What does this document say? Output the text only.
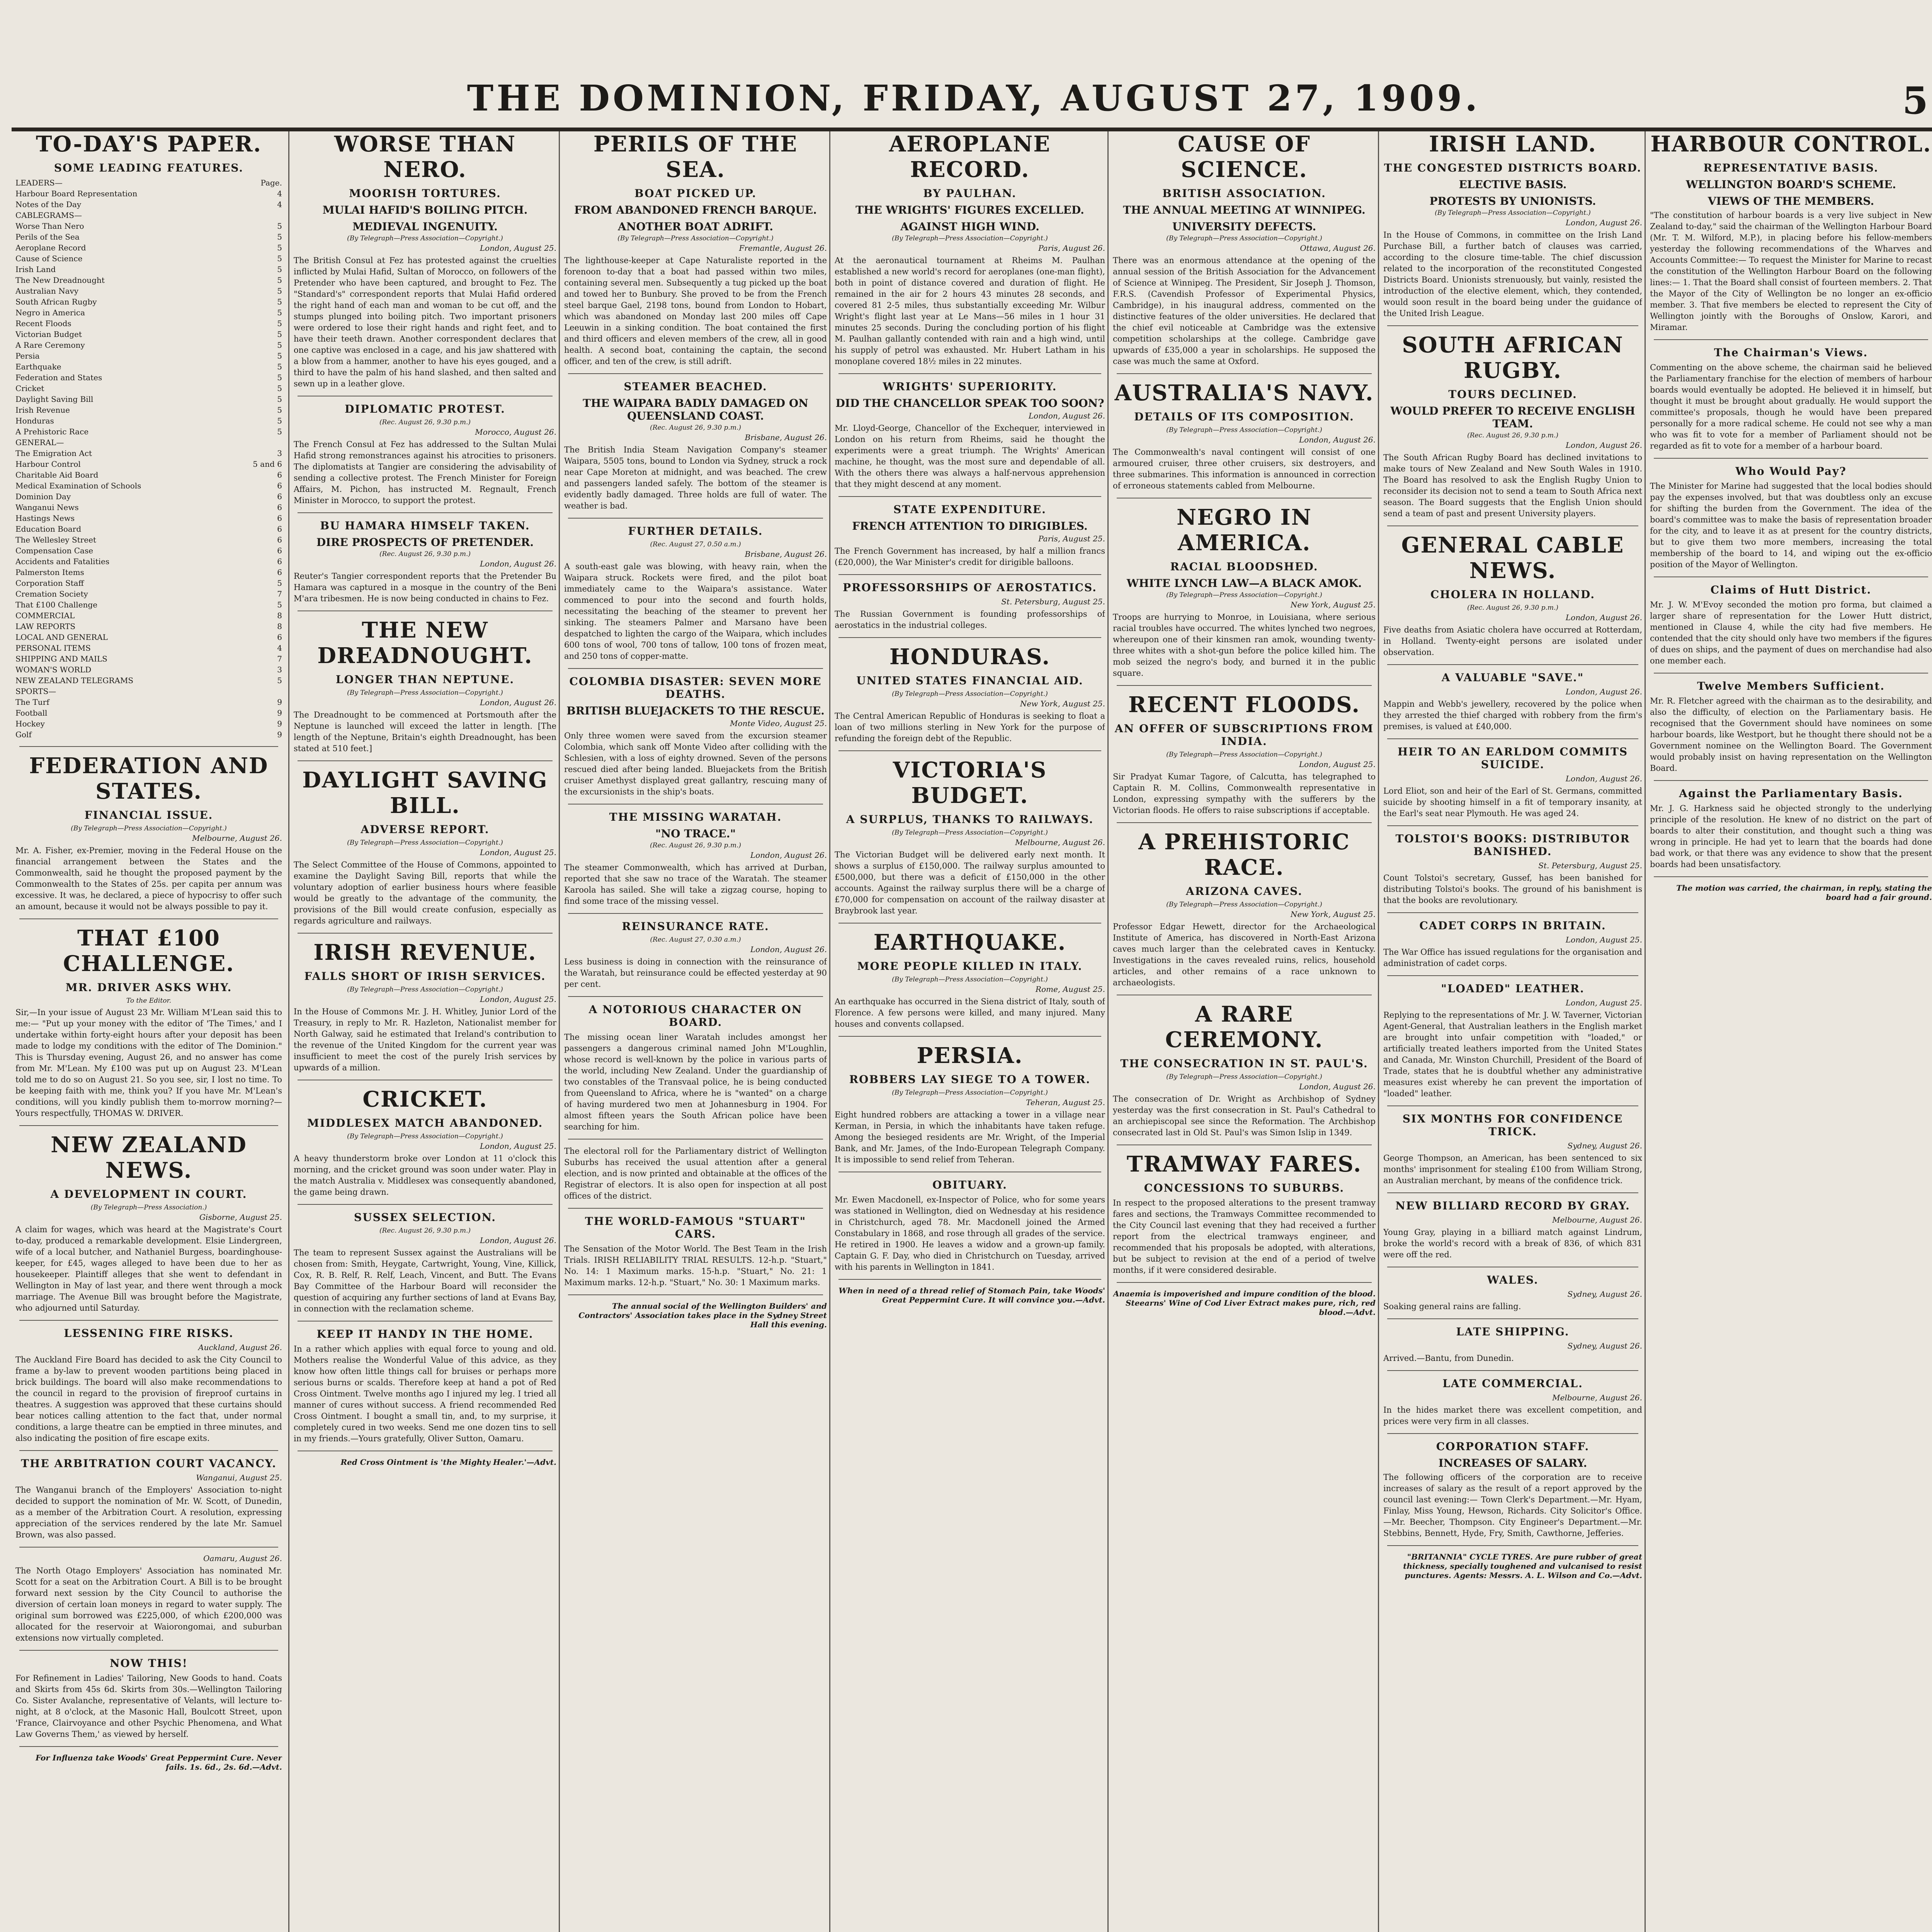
THE DOMINION, FRIDAY, AUGUST 27, 1909.	5
TO-DAY'S PAPER.
SOME LEADING FEATURES.
LEADERS—	Page.
Harbour Board Representation	4
Notes of the Day	4
CABLEGRAMS—
Worse Than Nero	5
Perils of the Sea	5
Aeroplane Record	5
Cause of Science	5
Irish Land	5
The New Dreadnought	5
Australian Navy	5
South African Rugby	5
Negro in America	5
Recent Floods	5
Victorian Budget	5
A Rare Ceremony	5
Persia	5
Earthquake	5
Federation and States	5
Cricket	5
Daylight Saving Bill	5
Irish Revenue	5
Honduras	5
A Prehistoric Race	5
GENERAL—
The Emigration Act	3
Harbour Control	5 and 6
Charitable Aid Board	6
Medical Examination of Schools	6
Dominion Day	6
Wanganui News	6
Hastings News	6
Education Board	6
The Wellesley Street	6
Compensation Case	6
Accidents and Fatalities	6
Palmerston Items	6
Corporation Staff	5
Cremation Society	7
That £100 Challenge	5
COMMERCIAL	8
LAW REPORTS	8
LOCAL AND GENERAL	6
PERSONAL ITEMS	4
SHIPPING AND MAILS	7
WOMAN'S WORLD	3
NEW ZEALAND TELEGRAMS	5
SPORTS—
The Turf	9
Football	9
Hockey	9
Golf	9
FEDERATION AND STATES.
FINANCIAL ISSUE.
(By Telegraph—Press Association—Copyright.)
Melbourne, August 26.
Mr. A. Fisher, ex-Premier, moving in the Federal House on the financial arrangement between the States and the Commonwealth, said he thought the proposed payment by the Commonwealth to the States of 25s. per capita per annum was excessive. It was, he declared, a piece of hypocrisy to offer such an amount, because it would not be always possible to pay it.
THAT £100 CHALLENGE.
MR. DRIVER ASKS WHY.
To the Editor.
Sir,—In your issue of August 23 Mr. William M'Lean said this to me:— "Put up your money with the editor of 'The Times,' and I undertake within forty-eight hours after your deposit has been made to lodge my conditions with the editor of The Dominion." This is Thursday evening, August 26, and no answer has come from Mr. M'Lean. My £100 was put up on August 23. M'Lean told me to do so on August 21. So you see, sir, I lost no time. To be keeping faith with me, think you? If you have Mr. M'Lean's conditions, will you kindly publish them to-morrow morning?—Yours respectfully, THOMAS W. DRIVER.
NEW ZEALAND NEWS.
A DEVELOPMENT IN COURT.
(By Telegraph—Press Association.)
Gisborne, August 25.
A claim for wages, which was heard at the Magistrate's Court to-day, produced a remarkable development. Elsie Lindergreen, wife of a local butcher, and Nathaniel Burgess, boardinghouse-keeper, for £45, wages alleged to have been due to her as housekeeper. Plaintiff alleges that she went to defendant in Wellington in May of last year, and there went through a mock marriage. The Avenue Bill was brought before the Magistrate, who adjourned until Saturday.
LESSENING FIRE RISKS.
Auckland, August 26.
The Auckland Fire Board has decided to ask the City Council to frame a by-law to prevent wooden partitions being placed in brick buildings. The board will also make recommendations to the council in regard to the provision of fireproof curtains in theatres. A suggestion was approved that these curtains should bear notices calling attention to the fact that, under normal conditions, a large theatre can be emptied in three minutes, and also indicating the position of fire escape exits.
THE ARBITRATION COURT VACANCY.
Wanganui, August 25.
The Wanganui branch of the Employers' Association to-night decided to support the nomination of Mr. W. Scott, of Dunedin, as a member of the Arbitration Court. A resolution, expressing appreciation of the services rendered by the late Mr. Samuel Brown, was also passed.
Oamaru, August 26.
The North Otago Employers' Association has nominated Mr. Scott for a seat on the Arbitration Court. A Bill is to be brought forward next session by the City Council to authorise the diversion of certain loan moneys in regard to water supply. The original sum borrowed was £225,000, of which £200,000 was allocated for the reservoir at Waiorongomai, and suburban extensions now virtually completed.
NOW THIS!
For Refinement in Ladies' Tailoring, New Goods to hand. Coats and Skirts from 45s 6d. Skirts from 30s.—Wellington Tailoring Co. Sister Avalanche, representative of Velants, will lecture to-night, at 8 o'clock, at the Masonic Hall, Boulcott Street, upon 'France, Clairvoyance and other Psychic Phenomena, and What Law Governs Them,' as viewed by herself.
For Influenza take Woods' Great Peppermint Cure. Never fails. 1s. 6d., 2s. 6d.—Advt.
WORSE THAN NERO.
MOORISH TORTURES.
MULAI HAFID'S BOILING PITCH.
MEDIEVAL INGENUITY.
(By Telegraph—Press Association—Copyright.)
London, August 25.
The British Consul at Fez has protested against the cruelties inflicted by Mulai Hafid, Sultan of Morocco, on followers of the Pretender who have been captured, and brought to Fez. The "Standard's" correspondent reports that Mulai Hafid ordered the right hand of each man and woman to be cut off, and the stumps plunged into boiling pitch. Two important prisoners were ordered to lose their right hands and right feet, and to have their teeth drawn. Another correspondent declares that one captive was enclosed in a cage, and his jaw shattered with a blow from a hammer, another to have his eyes gouged, and a third to have the palm of his hand slashed, and then salted and sewn up in a leather glove.
DIPLOMATIC PROTEST.
(Rec. August 26, 9.30 p.m.)
Morocco, August 26.
The French Consul at Fez has addressed to the Sultan Mulai Hafid strong remonstrances against his atrocities to prisoners. The diplomatists at Tangier are considering the advisability of sending a collective protest. The French Minister for Foreign Affairs, M. Pichon, has instructed M. Regnault, French Minister in Morocco, to support the protest.
BU HAMARA HIMSELF TAKEN.
DIRE PROSPECTS OF PRETENDER.
(Rec. August 26, 9.30 p.m.)
London, August 26.
Reuter's Tangier correspondent reports that the Pretender Bu Hamara was captured in a mosque in the country of the Beni M'ara tribesmen. He is now being conducted in chains to Fez.
THE NEW DREADNOUGHT.
LONGER THAN NEPTUNE.
(By Telegraph—Press Association—Copyright.)
London, August 26.
The Dreadnought to be commenced at Portsmouth after the Neptune is launched will exceed the latter in length. [The length of the Neptune, Britain's eighth Dreadnought, has been stated at 510 feet.]
DAYLIGHT SAVING BILL.
ADVERSE REPORT.
(By Telegraph—Press Association—Copyright.)
London, August 25.
The Select Committee of the House of Commons, appointed to examine the Daylight Saving Bill, reports that while the voluntary adoption of earlier business hours where feasible would be greatly to the advantage of the community, the provisions of the Bill would create confusion, especially as regards agriculture and railways.
IRISH REVENUE.
FALLS SHORT OF IRISH SERVICES.
(By Telegraph—Press Association—Copyright.)
London, August 25.
In the House of Commons Mr. J. H. Whitley, Junior Lord of the Treasury, in reply to Mr. R. Hazleton, Nationalist member for North Galway, said he estimated that Ireland's contribution to the revenue of the United Kingdom for the current year was insufficient to meet the cost of the purely Irish services by upwards of a million.
CRICKET.
MIDDLESEX MATCH ABANDONED.
(By Telegraph—Press Association—Copyright.)
London, August 25.
A heavy thunderstorm broke over London at 11 o'clock this morning, and the cricket ground was soon under water. Play in the match Australia v. Middlesex was consequently abandoned, the game being drawn.
SUSSEX SELECTION.
(Rec. August 26, 9.30 p.m.)
London, August 26.
The team to represent Sussex against the Australians will be chosen from: Smith, Heygate, Cartwright, Young, Vine, Killick, Cox, R. B. Relf, R. Relf, Leach, Vincent, and Butt. The Evans Bay Committee of the Harbour Board will reconsider the question of acquiring any further sections of land at Evans Bay, in connection with the reclamation scheme.
KEEP IT HANDY IN THE HOME.
In a rather which applies with equal force to young and old. Mothers realise the Wonderful Value of this advice, as they know how often little things call for bruises or perhaps more serious burns or scalds. Therefore keep at hand a pot of Red Cross Ointment. Twelve months ago I injured my leg. I tried all manner of cures without success. A friend recommended Red Cross Ointment. I bought a small tin, and, to my surprise, it completely cured in two weeks. Send me one dozen tins to sell in my friends.—Yours gratefully, Oliver Sutton, Oamaru.
Red Cross Ointment is 'the Mighty Healer.'—Advt.
PERILS OF THE SEA.
BOAT PICKED UP.
FROM ABANDONED FRENCH BARQUE.
ANOTHER BOAT ADRIFT.
(By Telegraph—Press Association—Copyright.)
Fremantle, August 26.
The lighthouse-keeper at Cape Naturaliste reported in the forenoon to-day that a boat had passed within two miles, containing several men. Subsequently a tug picked up the boat and towed her to Bunbury. She proved to be from the French steel barque Gael, 2198 tons, bound from London to Hobart, which was abandoned on Monday last 200 miles off Cape Leeuwin in a sinking condition. The boat contained the first and third officers and eleven members of the crew, all in good health. A second boat, containing the captain, the second officer, and ten of the crew, is still adrift.
STEAMER BEACHED.
THE WAIPARA BADLY DAMAGED ON QUEENSLAND COAST.
(Rec. August 26, 9.30 p.m.)
Brisbane, August 26.
The British India Steam Navigation Company's steamer Waipara, 5505 tons, bound to London via Sydney, struck a rock near Cape Moreton at midnight, and was beached. The crew and passengers landed safely. The bottom of the steamer is evidently badly damaged. Three holds are full of water. The weather is bad.
FURTHER DETAILS.
(Rec. August 27, 0.50 a.m.)
Brisbane, August 26.
A south-east gale was blowing, with heavy rain, when the Waipara struck. Rockets were fired, and the pilot boat immediately came to the Waipara's assistance. Water commenced to pour into the second and fourth holds, necessitating the beaching of the steamer to prevent her sinking. The steamers Palmer and Marsano have been despatched to lighten the cargo of the Waipara, which includes 600 tons of wool, 700 tons of tallow, 100 tons of frozen meat, and 250 tons of copper-matte.
COLOMBIA DISASTER: SEVEN MORE DEATHS.
BRITISH BLUEJACKETS TO THE RESCUE.
Monte Video, August 25.
Only three women were saved from the excursion steamer Colombia, which sank off Monte Video after colliding with the Schlesien, with a loss of eighty drowned. Seven of the persons rescued died after being landed. Bluejackets from the British cruiser Amethyst displayed great gallantry, rescuing many of the excursionists in the ship's boats.
THE MISSING WARATAH.
"NO TRACE."
(Rec. August 26, 9.30 p.m.)
London, August 26.
The steamer Commonwealth, which has arrived at Durban, reported that she saw no trace of the Waratah. The steamer Karoola has sailed. She will take a zigzag course, hoping to find some trace of the missing vessel.
REINSURANCE RATE.
(Rec. August 27, 0.30 a.m.)
London, August 26.
Less business is doing in connection with the reinsurance of the Waratah, but reinsurance could be effected yesterday at 90 per cent.
A NOTORIOUS CHARACTER ON BOARD.
The missing ocean liner Waratah includes amongst her passengers a dangerous criminal named John M'Loughlin, whose record is well-known by the police in various parts of the world, including New Zealand. Under the guardianship of two constables of the Transvaal police, he is being conducted from Queensland to Africa, where he is "wanted" on a charge of having murdered two men at Johannesburg in 1904. For almost fifteen years the South African police have been searching for him.
The electoral roll for the Parliamentary district of Wellington Suburbs has received the usual attention after a general election, and is now printed and obtainable at the offices of the Registrar of electors. It is also open for inspection at all post offices of the district.
THE WORLD-FAMOUS "STUART" CARS.
The Sensation of the Motor World. The Best Team in the Irish Trials. IRISH RELIABILITY TRIAL RESULTS. 12-h.p. "Stuart," No. 14: 1 Maximum marks. 15-h.p. "Stuart," No. 21: 1 Maximum marks. 12-h.p. "Stuart," No. 30: 1 Maximum marks.
The annual social of the Wellington Builders' and Contractors' Association takes place in the Sydney Street Hall this evening.
AEROPLANE RECORD.
BY PAULHAN.
THE WRIGHTS' FIGURES EXCELLED.
AGAINST HIGH WIND.
(By Telegraph—Press Association—Copyright.)
Paris, August 26.
At the aeronautical tournament at Rheims M. Paulhan established a new world's record for aeroplanes (one-man flight), both in point of distance covered and duration of flight. He remained in the air for 2 hours 43 minutes 28 seconds, and covered 81 2-5 miles, thus substantially exceeding Mr. Wilbur Wright's flight last year at Le Mans—56 miles in 1 hour 31 minutes 25 seconds. During the concluding portion of his flight M. Paulhan gallantly contended with rain and a high wind, until his supply of petrol was exhausted. Mr. Hubert Latham in his monoplane covered 18½ miles in 22 minutes.
WRIGHTS' SUPERIORITY.
DID THE CHANCELLOR SPEAK TOO SOON?
London, August 26.
Mr. Lloyd-George, Chancellor of the Exchequer, interviewed in London on his return from Rheims, said he thought the experiments were a great triumph. The Wrights' American machine, he thought, was the most sure and dependable of all. With the others there was always a half-nervous apprehension that they might descend at any moment.
STATE EXPENDITURE.
FRENCH ATTENTION TO DIRIGIBLES.
Paris, August 25.
The French Government has increased, by half a million francs (£20,000), the War Minister's credit for dirigible balloons.
PROFESSORSHIPS OF AEROSTATICS.
St. Petersburg, August 25.
The Russian Government is founding professorships of aerostatics in the industrial colleges.
HONDURAS.
UNITED STATES FINANCIAL AID.
(By Telegraph—Press Association—Copyright.)
New York, August 25.
The Central American Republic of Honduras is seeking to float a loan of two millions sterling in New York for the purpose of refunding the foreign debt of the Republic.
VICTORIA'S BUDGET.
A SURPLUS, THANKS TO RAILWAYS.
(By Telegraph—Press Association—Copyright.)
Melbourne, August 26.
The Victorian Budget will be delivered early next month. It shows a surplus of £150,000. The railway surplus amounted to £500,000, but there was a deficit of £150,000 in the other accounts. Against the railway surplus there will be a charge of £70,000 for compensation on account of the railway disaster at Braybrook last year.
EARTHQUAKE.
MORE PEOPLE KILLED IN ITALY.
(By Telegraph—Press Association—Copyright.)
Rome, August 25.
An earthquake has occurred in the Siena district of Italy, south of Florence. A few persons were killed, and many injured. Many houses and convents collapsed.
PERSIA.
ROBBERS LAY SIEGE TO A TOWER.
(By Telegraph—Press Association—Copyright.)
Teheran, August 25.
Eight hundred robbers are attacking a tower in a village near Kerman, in Persia, in which the inhabitants have taken refuge. Among the besieged residents are Mr. Wright, of the Imperial Bank, and Mr. James, of the Indo-European Telegraph Company. It is impossible to send relief from Teheran.
OBITUARY.
Mr. Ewen Macdonell, ex-Inspector of Police, who for some years was stationed in Wellington, died on Wednesday at his residence in Christchurch, aged 78. Mr. Macdonell joined the Armed Constabulary in 1868, and rose through all grades of the service. He retired in 1900. He leaves a widow and a grown-up family. Captain G. F. Day, who died in Christchurch on Tuesday, arrived with his parents in Wellington in 1841.
When in need of a thread relief of Stomach Pain, take Woods' Great Peppermint Cure. It will convince you.—Advt.
CAUSE OF SCIENCE.
BRITISH ASSOCIATION.
THE ANNUAL MEETING AT WINNIPEG.
UNIVERSITY DEFECTS.
(By Telegraph—Press Association—Copyright.)
Ottawa, August 26.
There was an enormous attendance at the opening of the annual session of the British Association for the Advancement of Science at Winnipeg. The President, Sir Joseph J. Thomson, F.R.S. (Cavendish Professor of Experimental Physics, Cambridge), in his inaugural address, commented on the distinctive features of the older universities. He declared that the chief evil noticeable at Cambridge was the extensive competition scholarships at the college. Cambridge gave upwards of £35,000 a year in scholarships. He supposed the case was much the same at Oxford.
AUSTRALIA'S NAVY.
DETAILS OF ITS COMPOSITION.
(By Telegraph—Press Association—Copyright.)
London, August 26.
The Commonwealth's naval contingent will consist of one armoured cruiser, three other cruisers, six destroyers, and three submarines. This information is announced in correction of erroneous statements cabled from Melbourne.
NEGRO IN AMERICA.
RACIAL BLOODSHED.
WHITE LYNCH LAW—A BLACK AMOK.
(By Telegraph—Press Association—Copyright.)
New York, August 25.
Troops are hurrying to Monroe, in Louisiana, where serious racial troubles have occurred. The whites lynched two negroes, whereupon one of their kinsmen ran amok, wounding twenty-three whites with a shot-gun before the police killed him. The mob seized the negro's body, and burned it in the public square.
RECENT FLOODS.
AN OFFER OF SUBSCRIPTIONS FROM INDIA.
(By Telegraph—Press Association—Copyright.)
London, August 25.
Sir Pradyat Kumar Tagore, of Calcutta, has telegraphed to Captain R. M. Collins, Commonwealth representative in London, expressing sympathy with the sufferers by the Victorian floods. He offers to raise subscriptions if acceptable.
A PREHISTORIC RACE.
ARIZONA CAVES.
(By Telegraph—Press Association—Copyright.)
New York, August 25.
Professor Edgar Hewett, director for the Archaeological Institute of America, has discovered in North-East Arizona caves much larger than the celebrated caves in Kentucky. Investigations in the caves revealed ruins, relics, household articles, and other remains of a race unknown to archaeologists.
A RARE CEREMONY.
THE CONSECRATION IN ST. PAUL'S.
(By Telegraph—Press Association—Copyright.)
London, August 26.
The consecration of Dr. Wright as Archbishop of Sydney yesterday was the first consecration in St. Paul's Cathedral to an archiepiscopal see since the Reformation. The Archbishop consecrated last in Old St. Paul's was Simon Islip in 1349.
TRAMWAY FARES.
CONCESSIONS TO SUBURBS.
In respect to the proposed alterations to the present tramway fares and sections, the Tramways Committee recommended to the City Council last evening that they had received a further report from the electrical tramways engineer, and recommended that his proposals be adopted, with alterations, but be subject to revision at the end of a period of twelve months, if it were considered desirable.
Anaemia is impoverished and impure condition of the blood. Steearns' Wine of Cod Liver Extract makes pure, rich, red blood.—Advt.
IRISH LAND.
THE CONGESTED DISTRICTS BOARD.
ELECTIVE BASIS.
PROTESTS BY UNIONISTS.
(By Telegraph—Press Association—Copyright.)
London, August 26.
In the House of Commons, in committee on the Irish Land Purchase Bill, a further batch of clauses was carried, according to the closure time-table. The chief discussion related to the incorporation of the reconstituted Congested Districts Board. Unionists strenuously, but vainly, resisted the introduction of the elective element, which, they contended, would soon result in the board being under the guidance of the United Irish League.
SOUTH AFRICAN RUGBY.
TOURS DECLINED.
WOULD PREFER TO RECEIVE ENGLISH TEAM.
(Rec. August 26, 9.30 p.m.)
London, August 26.
The South African Rugby Board has declined invitations to make tours of New Zealand and New South Wales in 1910. The Board has resolved to ask the English Rugby Union to reconsider its decision not to send a team to South Africa next season. The Board suggests that the English Union should send a team of past and present University players.
GENERAL CABLE NEWS.
CHOLERA IN HOLLAND.
(Rec. August 26, 9.30 p.m.)
London, August 26.
Five deaths from Asiatic cholera have occurred at Rotterdam, in Holland. Twenty-eight persons are isolated under observation.
A VALUABLE "SAVE."
London, August 26.
Mappin and Webb's jewellery, recovered by the police when they arrested the thief charged with robbery from the firm's premises, is valued at £40,000.
HEIR TO AN EARLDOM COMMITS SUICIDE.
London, August 26.
Lord Eliot, son and heir of the Earl of St. Germans, committed suicide by shooting himself in a fit of temporary insanity, at the Earl's seat near Plymouth. He was aged 24.
TOLSTOI'S BOOKS: DISTRIBUTOR BANISHED.
St. Petersburg, August 25.
Count Tolstoi's secretary, Gussef, has been banished for distributing Tolstoi's books. The ground of his banishment is that the books are revolutionary.
CADET CORPS IN BRITAIN.
London, August 25.
The War Office has issued regulations for the organisation and administration of cadet corps.
"LOADED" LEATHER.
London, August 25.
Replying to the representations of Mr. J. W. Taverner, Victorian Agent-General, that Australian leathers in the English market are brought into unfair competition with "loaded," or artificially treated leathers imported from the United States and Canada, Mr. Winston Churchill, President of the Board of Trade, states that he is doubtful whether any administrative measures exist whereby he can prevent the importation of "loaded" leather.
SIX MONTHS FOR CONFIDENCE TRICK.
Sydney, August 26.
George Thompson, an American, has been sentenced to six months' imprisonment for stealing £100 from William Strong, an Australian merchant, by means of the confidence trick.
NEW BILLIARD RECORD BY GRAY.
Melbourne, August 26.
Young Gray, playing in a billiard match against Lindrum, broke the world's record with a break of 836, of which 831 were off the red.
WALES.
Sydney, August 26.
Soaking general rains are falling.
LATE SHIPPING.
Sydney, August 26.
Arrived.—Bantu, from Dunedin.
LATE COMMERCIAL.
Melbourne, August 26.
In the hides market there was excellent competition, and prices were very firm in all classes.
CORPORATION STAFF.
INCREASES OF SALARY.
The following officers of the corporation are to receive increases of salary as the result of a report approved by the council last evening:— Town Clerk's Department.—Mr. Hyam, Finlay, Miss Young, Hewson, Richards. City Solicitor's Office.—Mr. Beecher, Thompson. City Engineer's Department.—Mr. Stebbins, Bennett, Hyde, Fry, Smith, Cawthorne, Jefferies.
"BRITANNIA" CYCLE TYRES. Are pure rubber of great thickness, specially toughened and vulcanised to resist punctures. Agents: Messrs. A. L. Wilson and Co.—Advt.
HARBOUR CONTROL.
REPRESENTATIVE BASIS.
WELLINGTON BOARD'S SCHEME.
VIEWS OF THE MEMBERS.
"The constitution of harbour boards is a very live subject in New Zealand to-day," said the chairman of the Wellington Harbour Board (Mr. T. M. Wilford, M.P.), in placing before his fellow-members yesterday the following recommendations of the Wharves and Accounts Committee:— To request the Minister for Marine to recast the constitution of the Wellington Harbour Board on the following lines:— 1. That the Board shall consist of fourteen members. 2. That the Mayor of the City of Wellington be no longer an ex-officio member. 3. That five members be elected to represent the City of Wellington jointly with the Boroughs of Onslow, Karori, and Miramar.
The Chairman's Views.
Commenting on the above scheme, the chairman said he believed the Parliamentary franchise for the election of members of harbour boards would eventually be adopted. He believed it in himself, but thought it must be brought about gradually. He would support the committee's proposals, though he would have been prepared personally for a more radical scheme. He could not see why a man who was fit to vote for a member of Parliament should not be regarded as fit to vote for a member of a harbour board.
Who Would Pay?
The Minister for Marine had suggested that the local bodies should pay the expenses involved, but that was doubtless only an excuse for shifting the burden from the Government. The idea of the board's committee was to make the basis of representation broader for the city, and to leave it as at present for the country districts, but to give them two more members, increasing the total membership of the board to 14, and wiping out the ex-officio position of the Mayor of Wellington.
Claims of Hutt District.
Mr. J. W. M'Evoy seconded the motion pro forma, but claimed a larger share of representation for the Lower Hutt district, mentioned in Clause 4, while the city had five members. He contended that the city should only have two members if the figures of dues on ships, and the payment of dues on merchandise had also one member each.
Twelve Members Sufficient.
Mr. R. Fletcher agreed with the chairman as to the desirability, and also the difficulty, of election on the Parliamentary basis. He recognised that the Government should have nominees on some harbour boards, like Westport, but he thought there should not be a Government nominee on the Wellington Board. The Government would probably insist on having representation on the Wellington Board.
Against the Parliamentary Basis.
Mr. J. G. Harkness said he objected strongly to the underlying principle of the resolution. He knew of no district on the part of boards to alter their constitution, and thought such a thing was wrong in principle. He had yet to learn that the boards had done bad work, or that there was any evidence to show that the present boards had been unsatisfactory.
The motion was carried, the chairman, in reply, stating the board had a fair ground.
